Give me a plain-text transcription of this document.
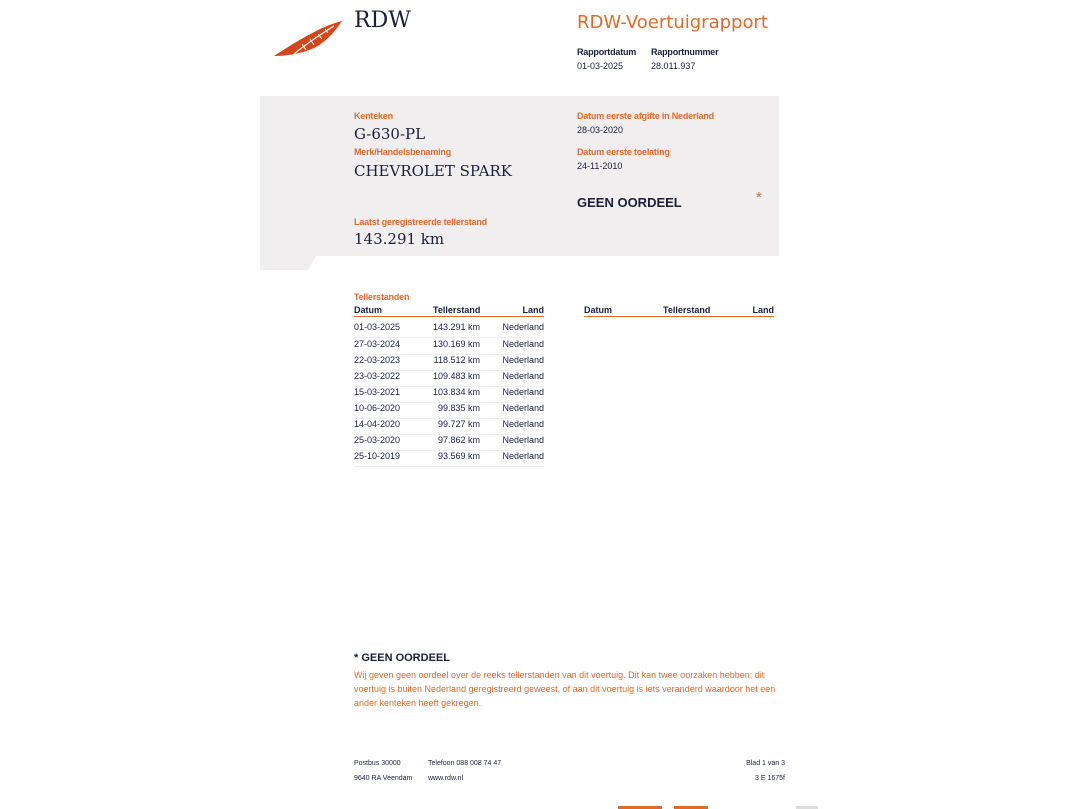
RDW	RDW-Voertuigrapport
Rapportdatum
01-03-2025
Rapportnummer
28.011.937
Kenteken
G-630-PL
Merk/Handelsbenaming
CHEVROLET SPARK
Laatst geregistreerde tellerstand
143.291 km
Datum eerste afgifte in Nederland
28-03-2020
Datum eerste toelating
24-11-2010
GEEN OORDEEL	*
Tellerstanden
Datum	Tellerstand	Land	Datum	Tellerstand	Land
01-03-2025	143.291 km Nederland
27-03-2024	130.169 km Nederland
22-03-2023	118.512 km Nederland
23-03-2022	109.483 km Nederland
15-03-2021	103.834 km Nederland
10-06-2020	99.835 km Nederland
14-04-2020	99.727 km Nederland
25-03-2020	97.862 km Nederland
25-10-2019	93.569 km Nederland
* GEEN OORDEEL
Wij geven geen oordeel over de reeks tellerstanden van dit voertuig. Dit kan twee oorzaken hebben: dit voertuig is buiten Nederland geregistreerd geweest, of aan dit voertuig is iets veranderd waardoor het een ander kenteken heeft gekregen.
Postbus 30000
9640 RA Veendam
Telefoon 088 008 74 47
www.rdw.nl
Blad 1 van 3
3 E 1675f
